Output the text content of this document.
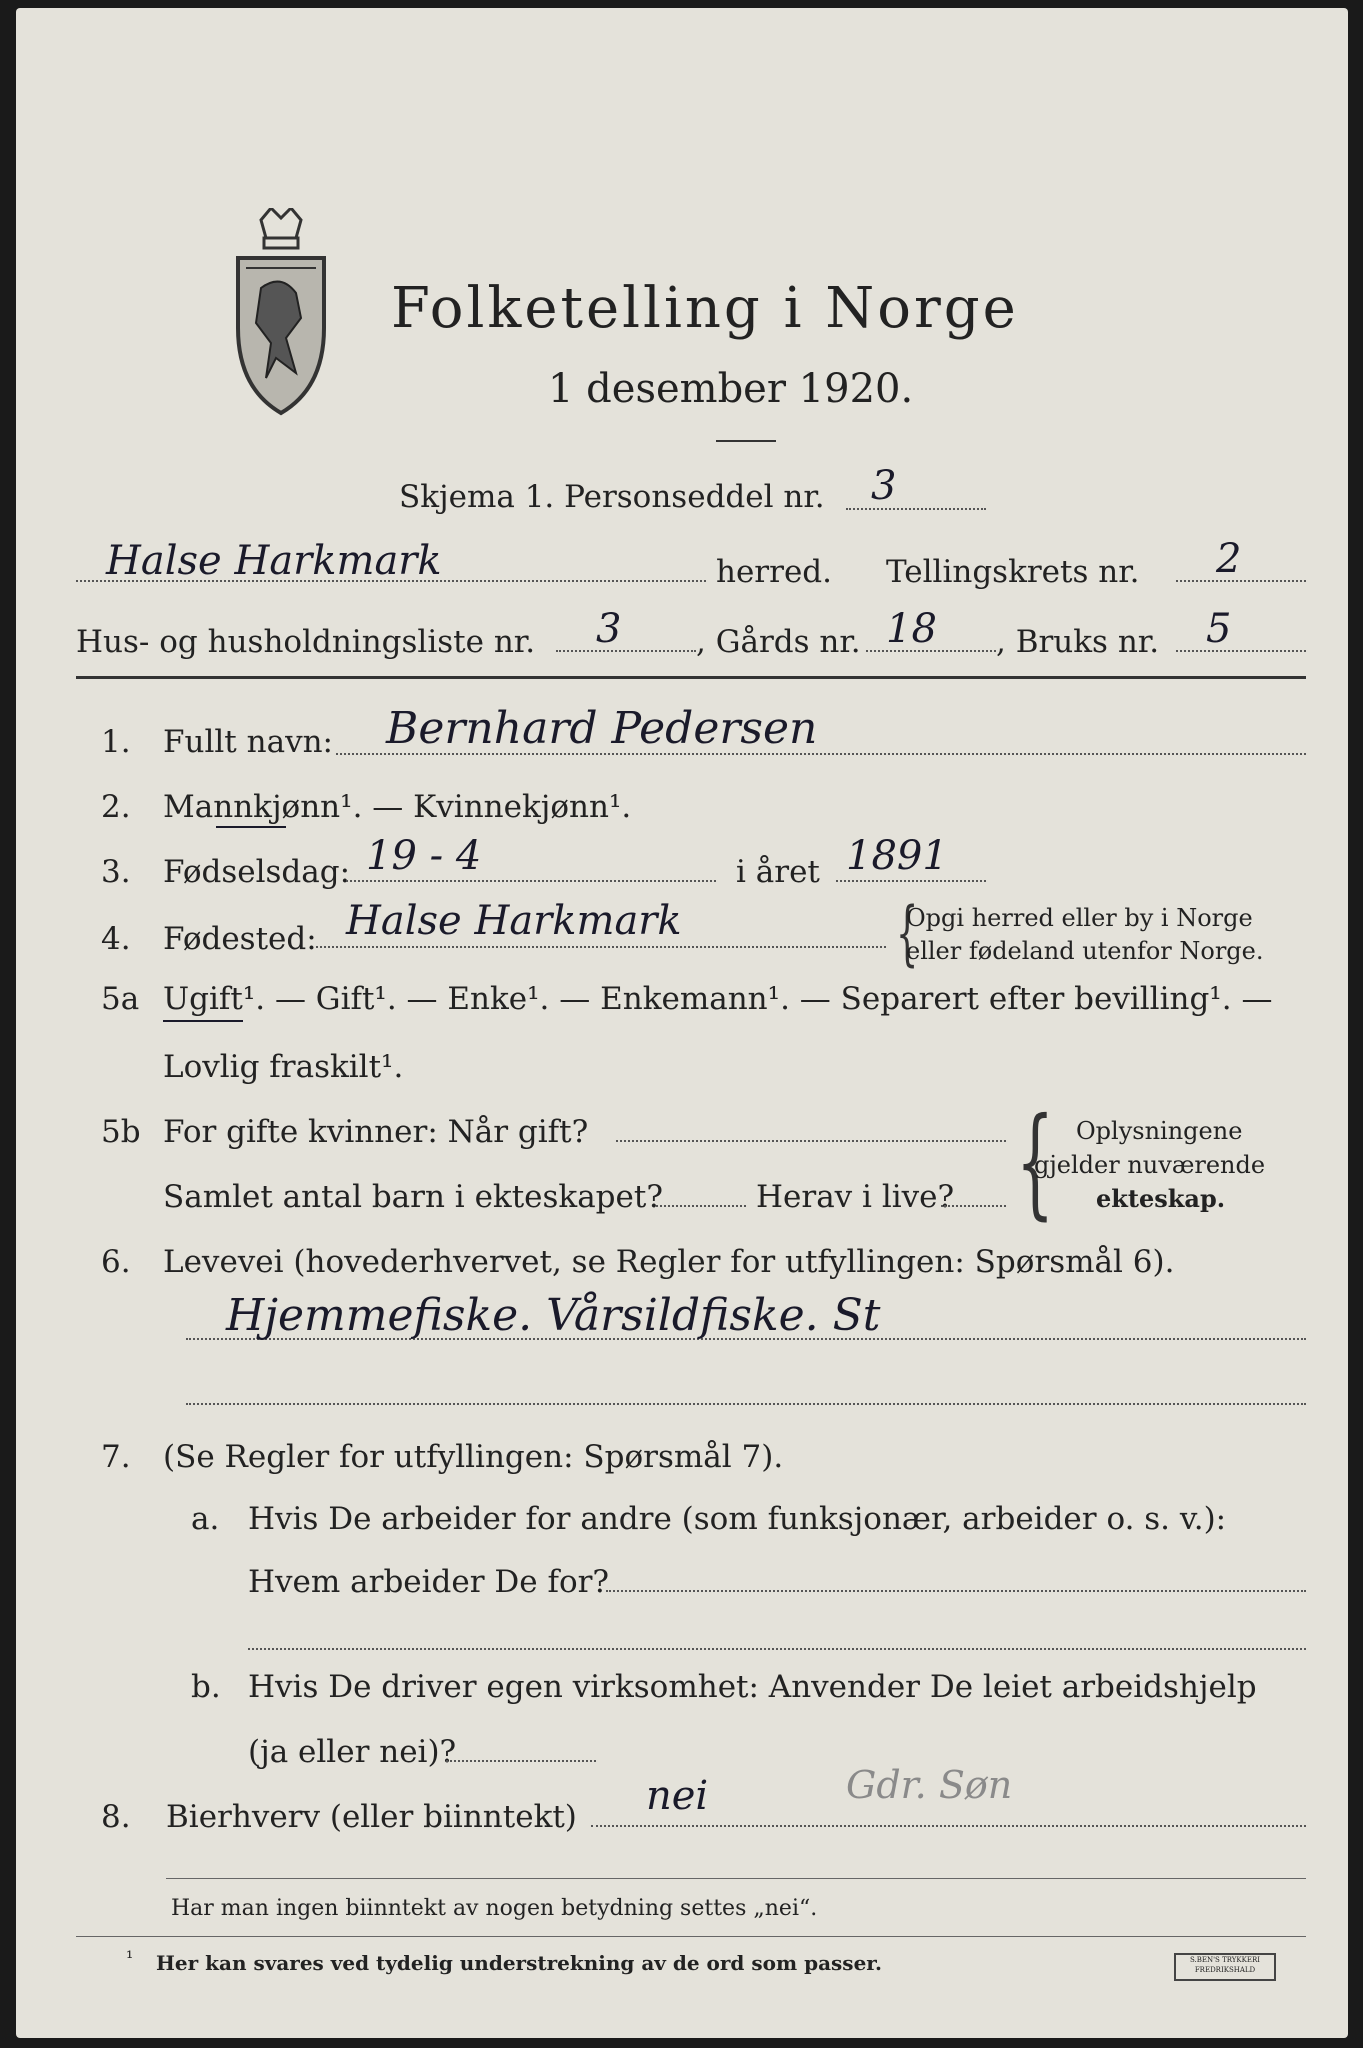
Folketelling i Norge
1 desember 1920.
Skjema 1. Personseddel nr. 3
Halse Harkmark	herred. Tellingskrets nr. 2
Hus- og husholdningsliste nr. 3 , Gårds nr. 18 , Bruks nr. 5
1. Fullt navn: Bernhard Pedersen
2. Mannkjønn¹. — Kvinnekjønn¹.
3. Fødselsdag: 19 - 4	i året 1891
4. Fødested: Halse Harkmark	{
Opgi herred eller by i Norge
eller fødeland utenfor Norge.
5a Ugift¹. — Gift¹. — Enke¹. — Enkemann¹. — Separert efter bevilling¹. —
Lovlig fraskilt¹.
5b For gifte kvinner: Når gift?
Samlet antal barn i ekteskapet?	Herav i live? { Oplysningene
gjelder nuværende
ekteskap.
6. Levevei (hovederhvervet, se Regler for utfyllingen: Spørsmål 6).
Hjemmefiske. Vårsildfiske. St
7. (Se Regler for utfyllingen: Spørsmål 7).
a. Hvis De arbeider for andre (som funksjonær, arbeider o. s. v.):
Hvem arbeider De for?
b. Hvis De driver egen virksomhet: Anvender De leiet arbeidshjelp
(ja eller nei)?
8. Bierhverv (eller biinntekt) nei	Gdr. Søn
Har man ingen biinntekt av nogen betydning settes „nei“.
¹ Her kan svares ved tydelig understrekning av de ord som passer.	S.BEN'S TRYKKERI FREDRIKSHALD
